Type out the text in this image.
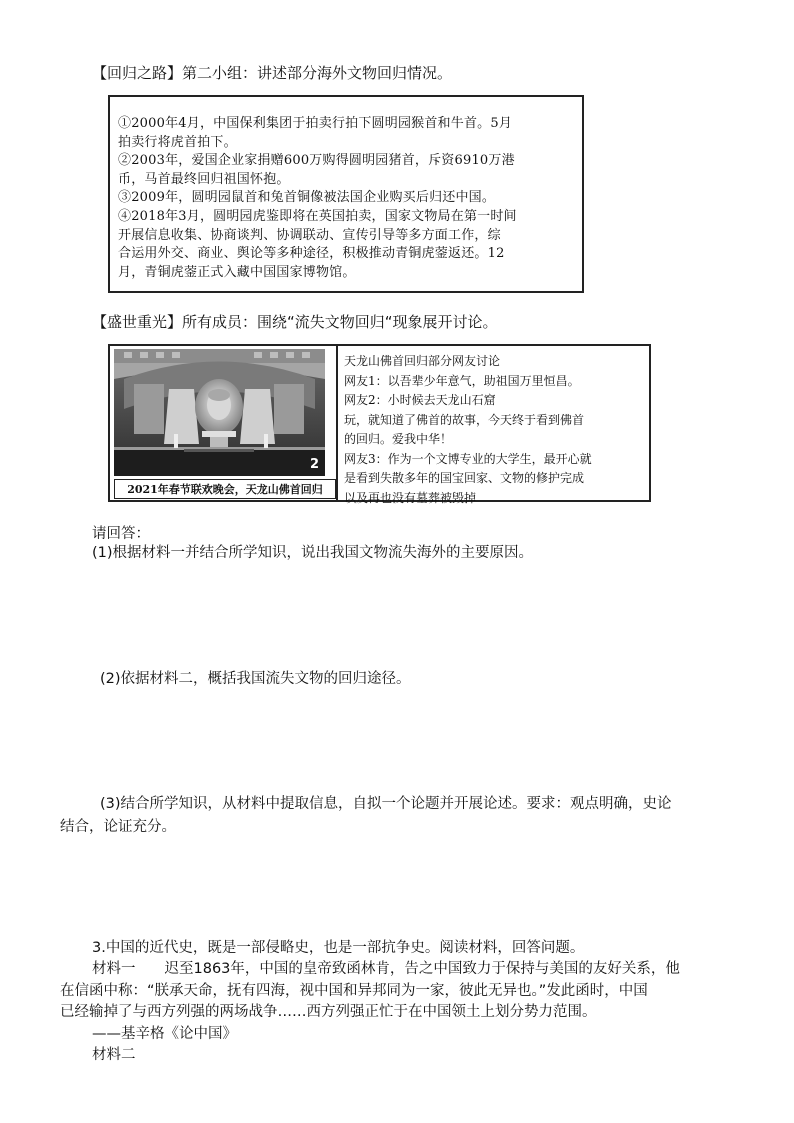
【回归之路】第二小组：讲述部分海外文物回归情况。
①2000年4月，中国保利集团于拍卖行拍下圆明园猴首和牛首。5月
拍卖行将虎首拍下。
②2003年，爱国企业家捐赠600万购得圆明园猪首，斥资6910万港
币，马首最终回归祖国怀抱。
③2009年，圆明园鼠首和兔首铜像被法国企业购买后归还中国。
④2018年3月，圆明园虎鉴即将在英国拍卖，国家文物局在第一时间
开展信息收集、协商谈判、协调联动、宣传引导等多方面工作，综
合运用外交、商业、舆论等多种途径，积极推动青铜虎蓥返还。12
月，青铜虎蓥正式入藏中国国家博物馆。
【盛世重光】所有成员：围绕“流失文物回归“现象展开讨论。
2
2021年春节联欢晚会，天龙山佛首回归
天龙山佛首回归部分网友讨论
网友1：以吾辈少年意气，助祖国万里恒昌。
网友2：小时候去天龙山石窟
玩，就知道了佛首的故事，今天终于看到佛首
的回归。爱我中华！
网友3：作为一个文博专业的大学生，最开心就
是看到失散多年的国宝回家、文物的修护完成
以及再也没有墓葬被毁掉
请回答：
(1)根据材料一并结合所学知识，说出我国文物流失海外的主要原因。
(2)依据材料二，概括我国流失文物的回归途径。
(3)结合所学知识，从材料中提取信息，自拟一个论题并开展论述。要求：观点明确，史论
结合，论证充分。
3.中国的近代史，既是一部侵略史，也是一部抗争史。阅读材料，回答问题。
材料一　　迟至1863年，中国的皇帝致函林肯，告之中国致力于保持与美国的友好关系，他
在信函中称：“朕承天命，抚有四海，视中国和异邦同为一家，彼此无异也。”发此函时，中国
已经输掉了与西方列强的两场战争……西方列强正忙于在中国领土上划分势力范围。
——基辛格《论中国》
材料二
